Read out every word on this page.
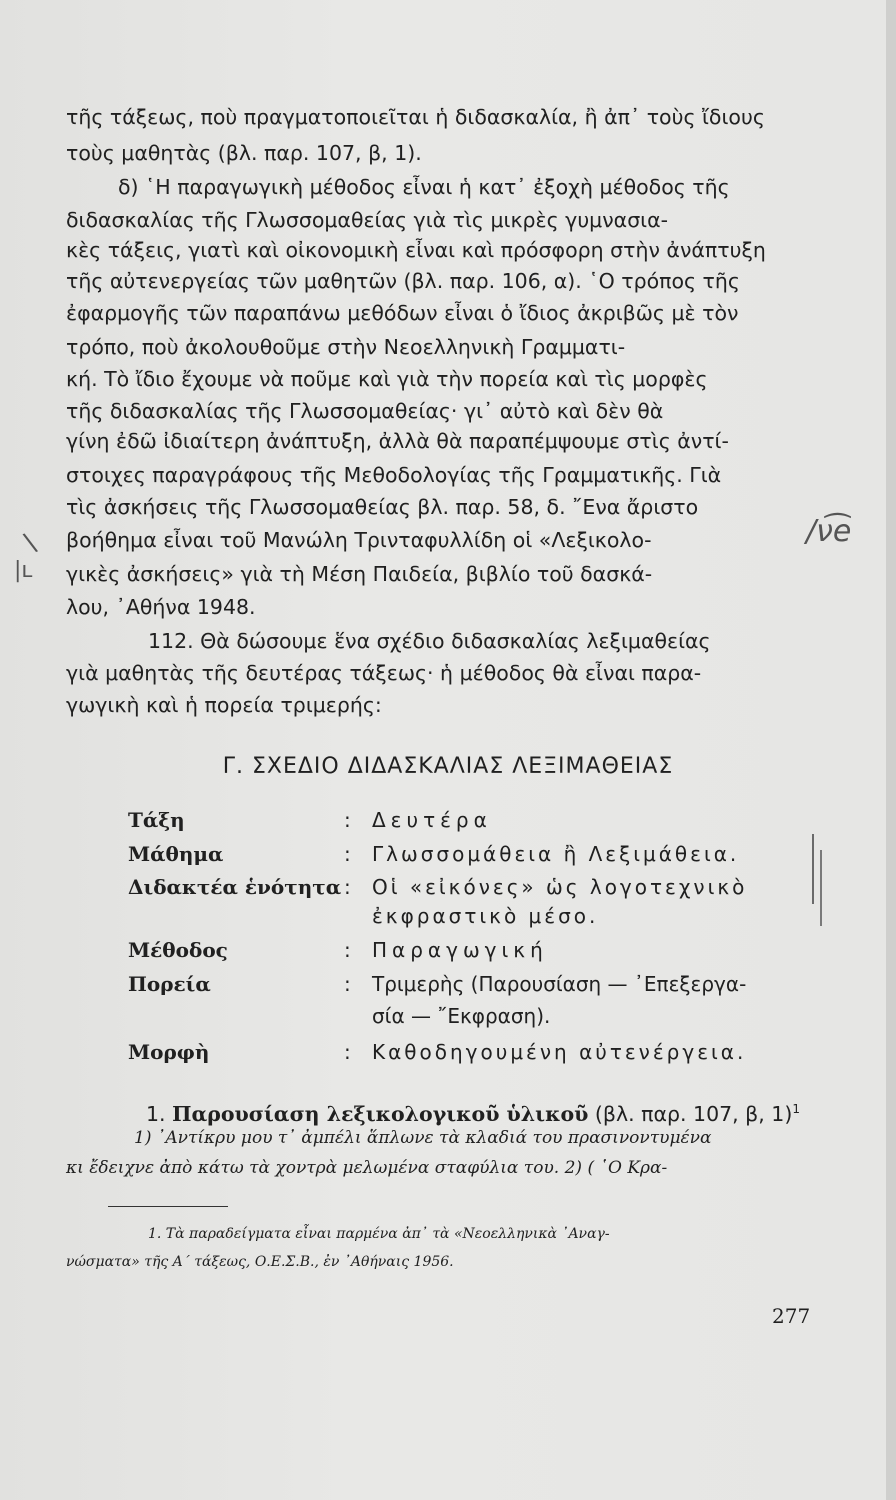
τῆς τάξεως, ποὺ πραγματοποιεῖται ἡ διδασκαλία, ἢ ἀπ᾿ τοὺς ἴδιους
τοὺς μαθητὰς (βλ. παρ. 107, β, 1).
δ) ῾Η παραγωγικὴ μέθοδος εἶναι ἡ κατ᾿ ἐξοχὴ μέθοδος τῆς
διδασκαλίας τῆς Γλωσσομαθείας γιὰ τὶς μικρὲς γυμνασια-
κὲς τάξεις, γιατὶ καὶ οἰκονομικὴ εἶναι καὶ πρόσφορη στὴν ἀνάπτυξη
τῆς αὐτενεργείας τῶν μαθητῶν (βλ. παρ. 106, α). ῾Ο τρόπος τῆς
ἐφαρμογῆς τῶν παραπάνω μεθόδων εἶναι ὁ ἴδιος ἀκριβῶς μὲ τὸν
τρόπο, ποὺ ἀκολουθοῦμε στὴν Νεοελληνικὴ Γραμματι-
κή. Τὸ ἴδιο ἔχουμε νὰ ποῦμε καὶ γιὰ τὴν πορεία καὶ τὶς μορφὲς
τῆς διδασκαλίας τῆς Γλωσσομαθείας· γι᾿ αὐτὸ καὶ δὲν θὰ
γίνη ἐδῶ ἰδιαίτερη ἀνάπτυξη, ἀλλὰ θὰ παραπέμψουμε στὶς ἀντί-
στοιχες παραγράφους τῆς Μεθοδολογίας τῆς Γραμματικῆς. Γιὰ
τὶς ἀσκήσεις τῆς Γλωσσομαθείας βλ. παρ. 58, δ. ῎Ενα ἄριστο
βοήθημα εἶναι τοῦ Μανώλη Τρινταφυλλίδη οἱ «Λεξικολο-
γικὲς ἀσκήσεις» γιὰ τὴ Μέση Παιδεία, βιβλίο τοῦ δασκά-
λου, ᾿Αθήνα 1948.
112. Θὰ δώσουμε ἕνα σχέδιο διδασκαλίας λεξιμαθείας
γιὰ μαθητὰς τῆς δευτέρας τάξεως· ἡ μέθοδος θὰ εἶναι παρα-
γωγικὴ καὶ ἡ πορεία τριμερής:
\
|ʟ
/ν͡e
Γ. ΣΧΕΔΙΟ ΔΙΔΑΣΚΑΛΙΑΣ ΛΕΞΙΜΑΘΕΙΑΣ
Τάξη	: Δευτέρα
Μάθημα	: Γλωσσομάθεια ἢ Λεξιμάθεια.
Διδακτέα ἑνότητα : Οἱ «εἰκόνες» ὡς λογοτεχνικὸ
ἐκφραστικὸ μέσο.
Μέθοδος	: Παραγωγική
Πορεία	: Τριμερὴς (Παρουσίαση — ᾿Επεξεργα-
σία — ῎Εκφραση).
Μορφὴ	: Καθοδηγουμένη αὐτενέργεια.
1. Παρουσίαση λεξικολογικοῦ ὑλικοῦ (βλ. παρ. 107, β, 1)$^1$
1) ᾿Αντίκρυ μου τ᾿ ἀμπέλι ἅπλωνε τὰ κλαδιά του πρασινοντυμένα
κι ἔδειχνε ἀπὸ κάτω τὰ χοντρὰ μελωμένα σταφύλια του. 2) ( ῾Ο Κρα-
1. Τὰ παραδείγματα εἶναι παρμένα ἀπ᾿ τὰ «Νεοελληνικὰ ᾿Αναγ-
νώσματα» τῆς Α΄ τάξεως, Ο.Ε.Σ.Β., ἐν ᾿Αθήναις 1956.
277
